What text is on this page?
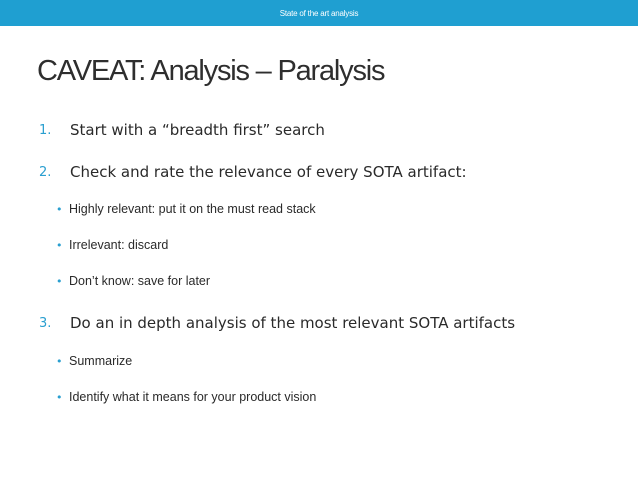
State of the art analysis
CAVEAT: Analysis – Paralysis
1. Start with a “breadth first” search
2. Check and rate the relevance of every SOTA artifact:
• Highly relevant: put it on the must read stack
• Irrelevant: discard
• Don’t know: save for later
3. Do an in depth analysis of the most relevant SOTA artifacts
• Summarize
• Identify what it means for your product vision
